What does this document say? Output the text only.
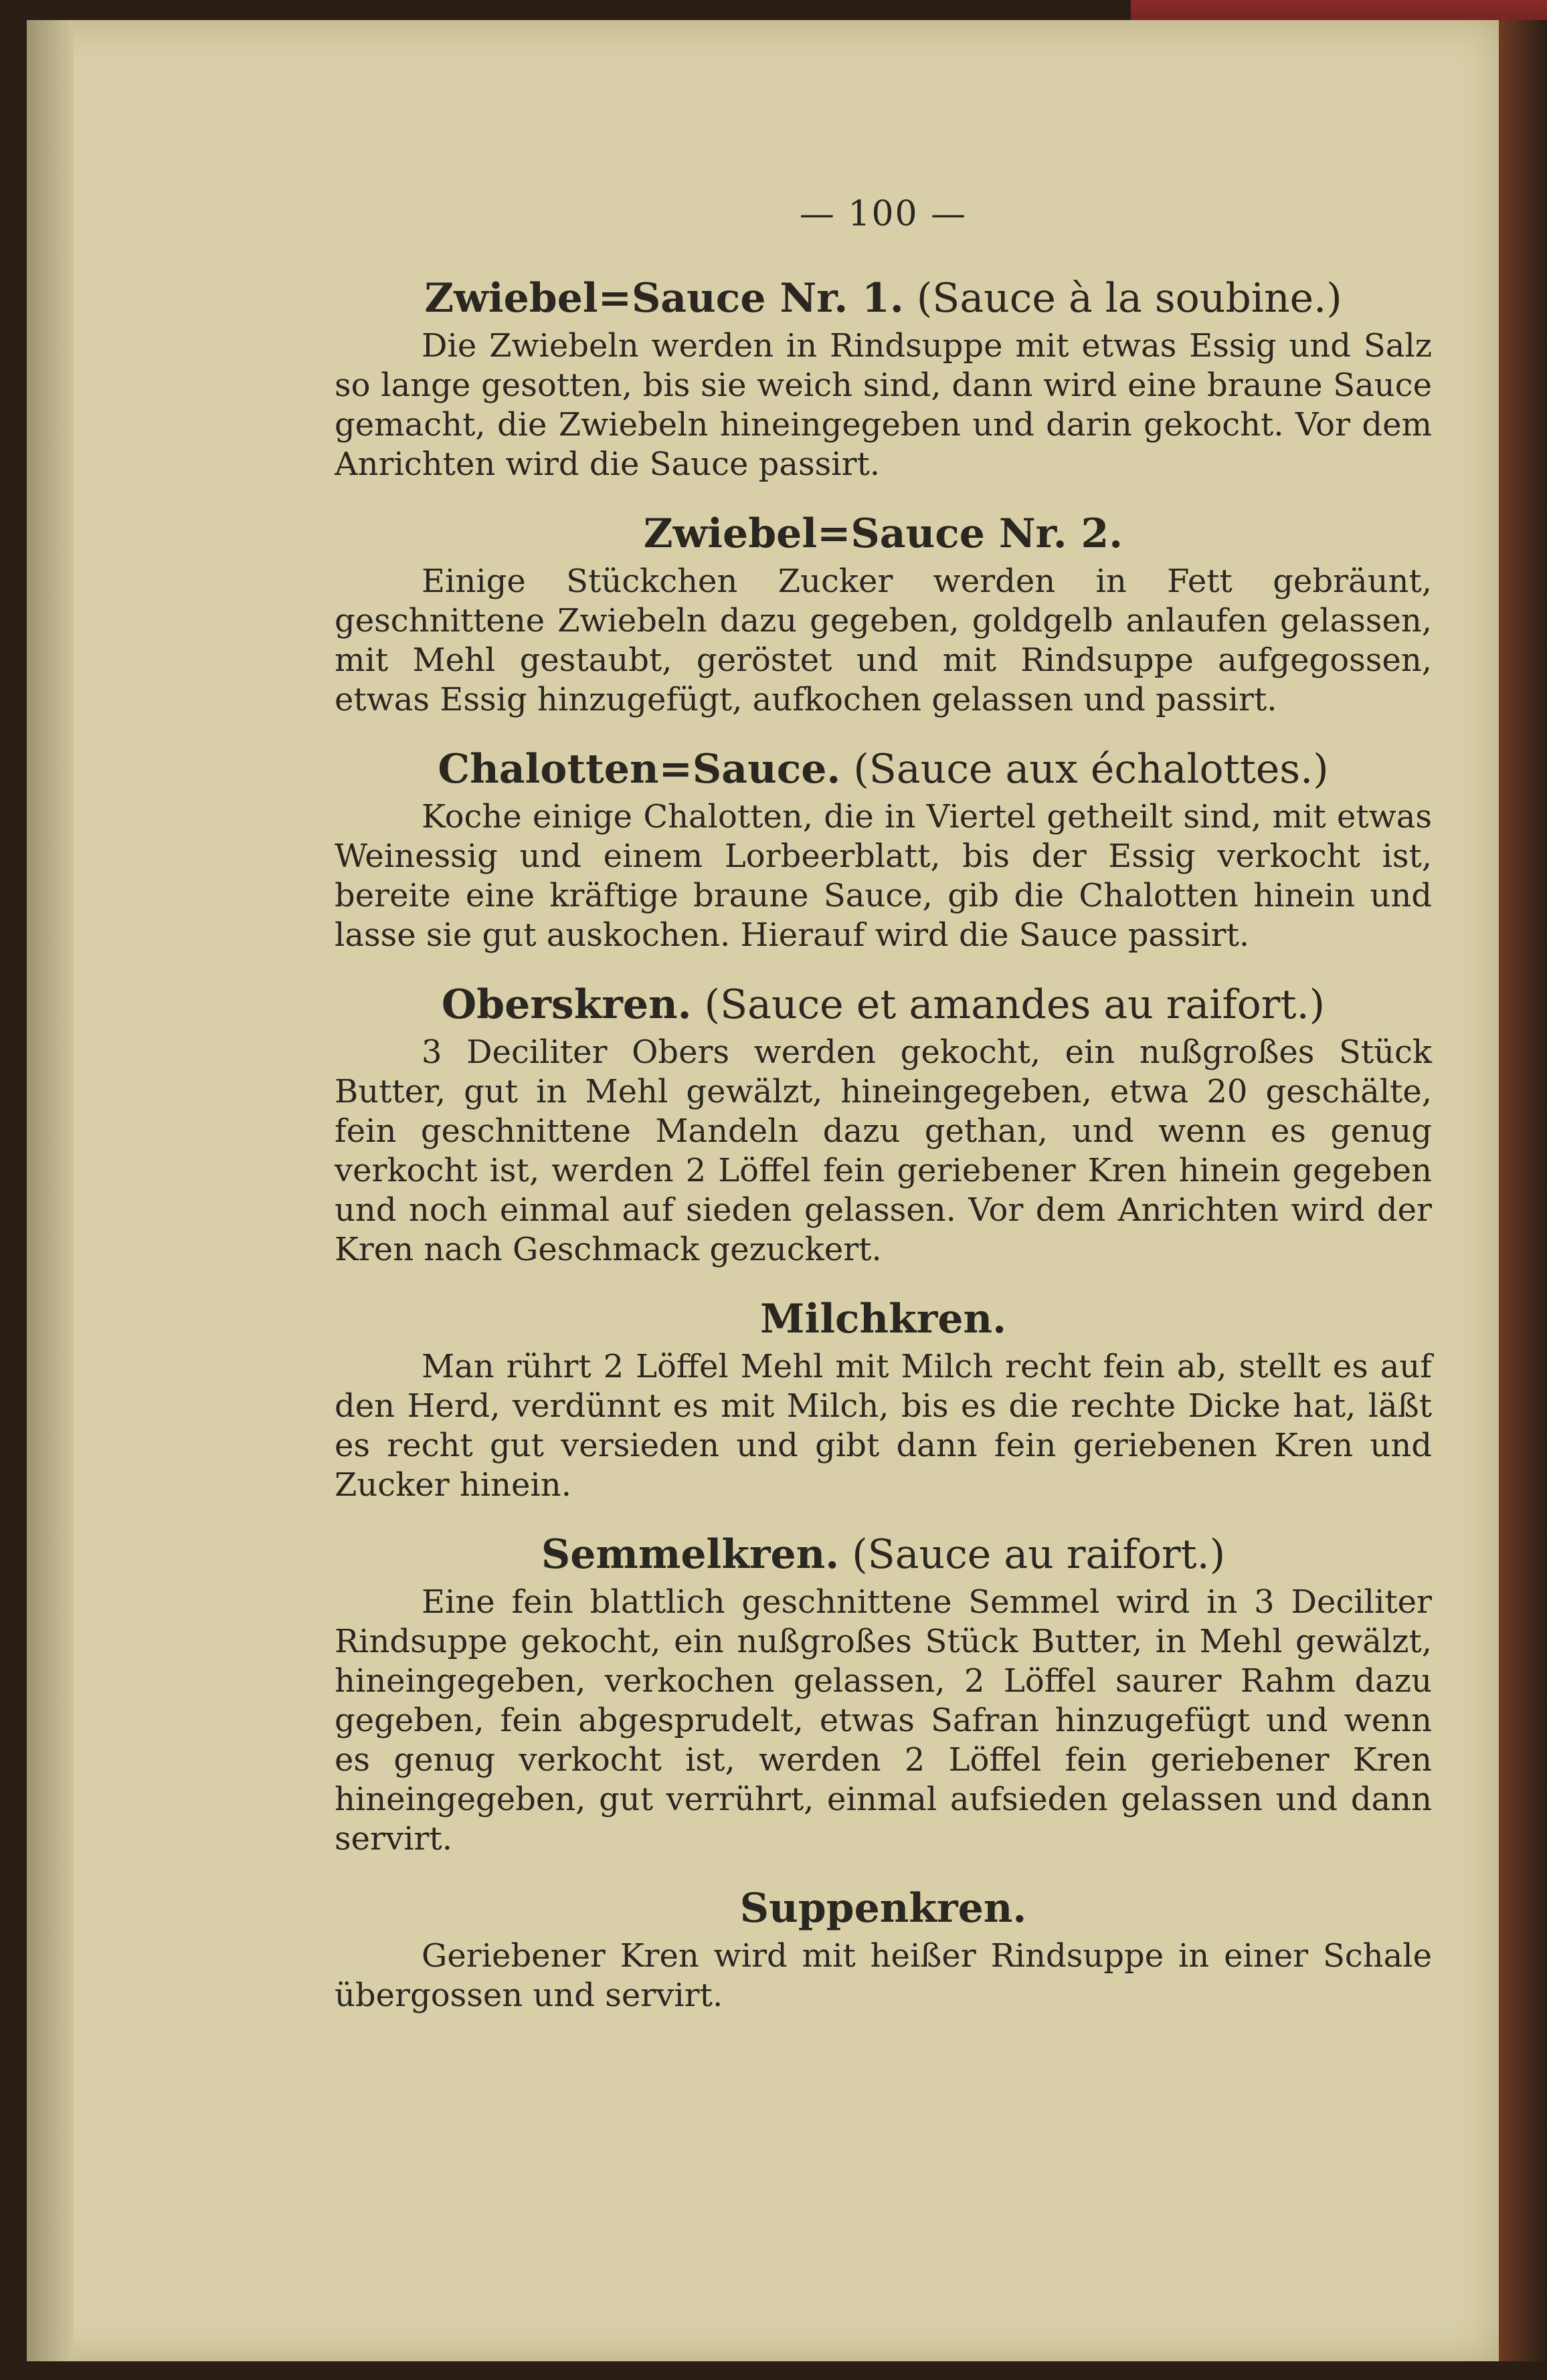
— 100 —
Zwiebel=Sauce Nr. 1. (Sauce à la soubine.)

Die Zwiebeln werden in Rindsuppe mit etwas Essig und Salz so lange gesotten, bis sie weich sind, dann wird eine braune Sauce gemacht, die Zwiebeln hineingegeben und darin gekocht. Vor dem Anrichten wird die Sauce passirt.

Zwiebel=Sauce Nr. 2.

Einige Stückchen Zucker werden in Fett gebräunt, geschnittene Zwiebeln dazu gegeben, goldgelb anlaufen gelassen, mit Mehl gestaubt, geröstet und mit Rindsuppe aufgegossen, etwas Essig hinzugefügt, aufkochen gelassen und passirt.

Chalotten=Sauce. (Sauce aux échalottes.)

Koche einige Chalotten, die in Viertel getheilt sind, mit etwas Weinessig und einem Lorbeerblatt, bis der Essig verkocht ist, bereite eine kräftige braune Sauce, gib die Chalotten hinein und lasse sie gut auskochen. Hierauf wird die Sauce passirt.

Oberskren. (Sauce et amandes au raifort.)

3 Deciliter Obers werden gekocht, ein nußgroßes Stück Butter, gut in Mehl gewälzt, hineingegeben, etwa 20 geschälte, fein geschnittene Mandeln dazu gethan, und wenn es genug verkocht ist, werden 2 Löffel fein geriebener Kren hinein gegeben und noch einmal auf sieden gelassen. Vor dem Anrichten wird der Kren nach Geschmack gezuckert.

Milchkren.

Man rührt 2 Löffel Mehl mit Milch recht fein ab, stellt es auf den Herd, verdünnt es mit Milch, bis es die rechte Dicke hat, läßt es recht gut versieden und gibt dann fein geriebenen Kren und Zucker hinein.

Semmelkren. (Sauce au raifort.)

Eine fein blattlich geschnittene Semmel wird in 3 Deciliter Rindsuppe gekocht, ein nußgroßes Stück Butter, in Mehl gewälzt, hineingegeben, verkochen gelassen, 2 Löffel saurer Rahm dazu gegeben, fein abgesprudelt, etwas Safran hinzugefügt und wenn es genug verkocht ist, werden 2 Löffel fein geriebener Kren hineingegeben, gut verrührt, einmal aufsieden gelassen und dann servirt.

Suppenkren.

Geriebener Kren wird mit heißer Rindsuppe in einer Schale übergossen und servirt.
